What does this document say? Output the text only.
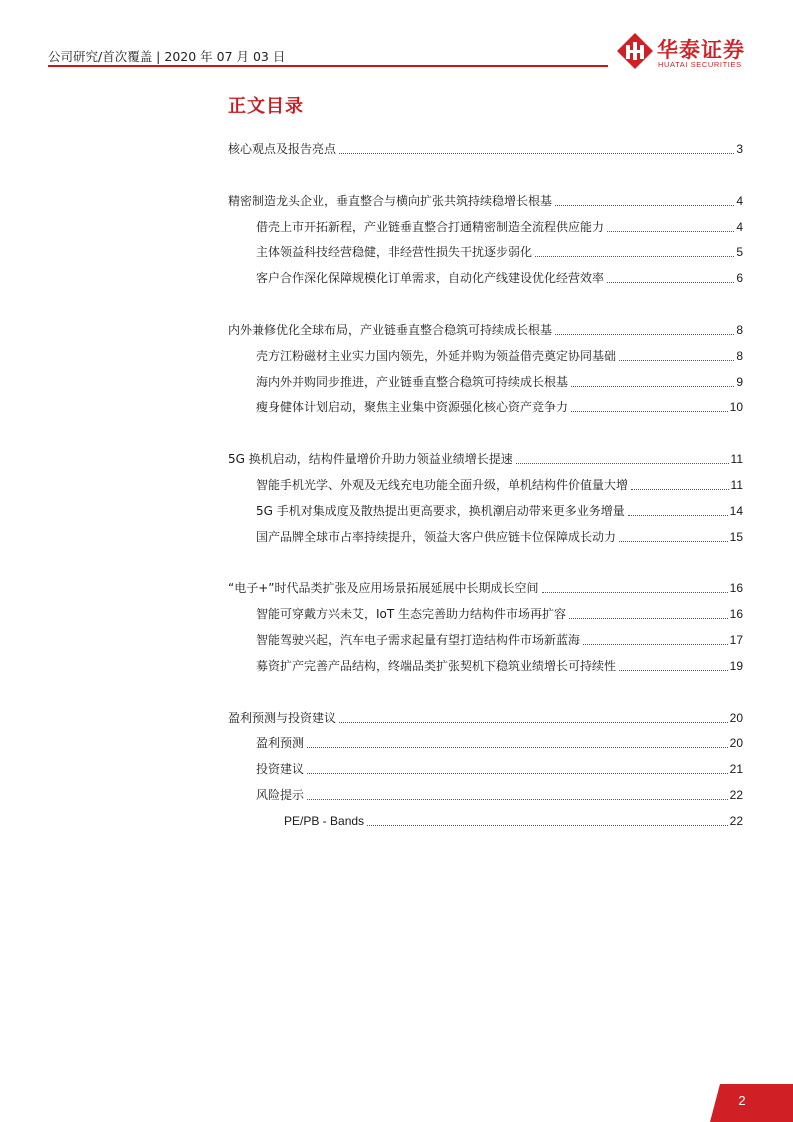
公司研究/首次覆盖 | 2020 年 07 月 03 日	华泰证券
HUATAI SECURITIES
正文目录
核心观点及报告亮点	3
精密制造龙头企业，垂直整合与横向扩张共筑持续稳增长根基	4
借壳上市开拓新程，产业链垂直整合打通精密制造全流程供应能力	4
主体领益科技经营稳健，非经营性损失干扰逐步弱化	5
客户合作深化保障规模化订单需求，自动化产线建设优化经营效率	6
内外兼修优化全球布局，产业链垂直整合稳筑可持续成长根基	8
壳方江粉磁材主业实力国内领先，外延并购为领益借壳奠定协同基础	8
海内外并购同步推进，产业链垂直整合稳筑可持续成长根基	9
瘦身健体计划启动，聚焦主业集中资源强化核心资产竞争力	10
5G 换机启动，结构件量增价升助力领益业绩增长提速	11
智能手机光学、外观及无线充电功能全面升级，单机结构件价值量大增	11
5G 手机对集成度及散热提出更高要求，换机潮启动带来更多业务增量	14
国产品牌全球市占率持续提升，领益大客户供应链卡位保障成长动力	15
“电子+”时代品类扩张及应用场景拓展延展中长期成长空间	16
智能可穿戴方兴未艾，IoT 生态完善助力结构件市场再扩容	16
智能驾驶兴起，汽车电子需求起量有望打造结构件市场新蓝海	17
募资扩产完善产品结构，终端品类扩张契机下稳筑业绩增长可持续性	19
盈利预测与投资建议	20
盈利预测	20
投资建议	21
风险提示	22
PE/PB - Bands	22
2
